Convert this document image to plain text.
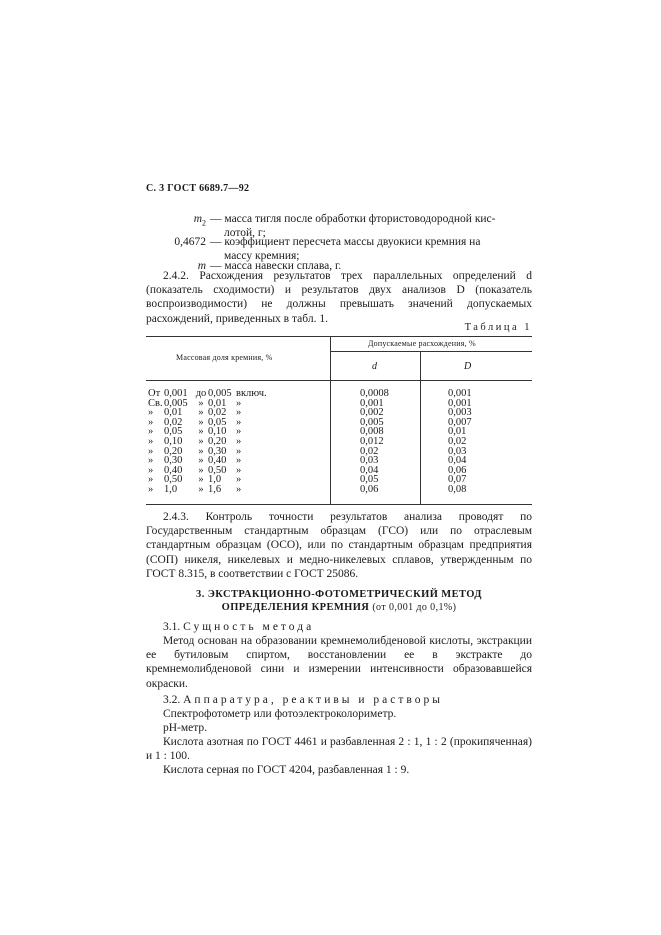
С. 3 ГОСТ 6689.7—92
$m_2$ — масса тигля после обработки фтористоводородной кис-
лотой, г;
0,4672 — коэффициент пересчета массы двуокиси кремния на
массу кремния;
m — масса навески сплава, г.

2.4.2. Расхождения результатов трех параллельных определений d (показатель сходимости) и результатов двух анализов D (показатель воспроизводимости) не должны превышать значений допускаемых расхождений, приведенных в табл. 1.

Таблица 1
Массовая доля кремния, %
Допускаемые расхождения, %
d	D
От 0,001 до 0,005 включ.	0,0008	0,001
Св. 0,005	» 0,01 »	0,001	0,001
»	0,01	» 0,02 »	0,002	0,003
»	0,02	» 0,05 »	0,005	0,007
»	0,05	» 0,10 »	0,008	0,01
»	0,10	» 0,20 »	0,012	0,02
»	0,20	» 0,30 »	0,02	0,03
»	0,30	» 0,40 »	0,03	0,04
»	0,40	» 0,50 »	0,04	0,06
»	0,50	» 1,0	»	0,05	0,07
»	1,0	» 1,6	»	0,06	0,08

2.4.3. Контроль точности результатов анализа проводят по Государственным стандартным образцам (ГСО) или по отраслевым стандартным образцам (ОСО), или по стандартным образцам предприятия (СОП) никеля, никелевых и медно-никелевых сплавов, утвержденным по ГОСТ 8.315, в соответствии с ГОСТ 25086.

3. ЭКСТРАКЦИОННО-ФОТОМЕТРИЧЕСКИЙ МЕТОД
ОПРЕДЕЛЕНИЯ КРЕМНИЯ (от 0,001 до 0,1%)
3.1. Сущность метода

Метод основан на образовании кремнемолибденовой кислоты, экстракции ее бутиловым спиртом, восстановлении ее в экстракте до кремнемолибденовой сини и измерении интенсивности образовавшейся окраски.

3.2. Аппаратура, реактивы и растворы
Спектрофотометр или фотоэлектроколориметр.
pH-метр.

Кислота азотная по ГОСТ 4461 и разбавленная 2 : 1, 1 : 2 (прокипяченная) и 1 : 100.

Кислота серная по ГОСТ 4204, разбавленная 1 : 9.
